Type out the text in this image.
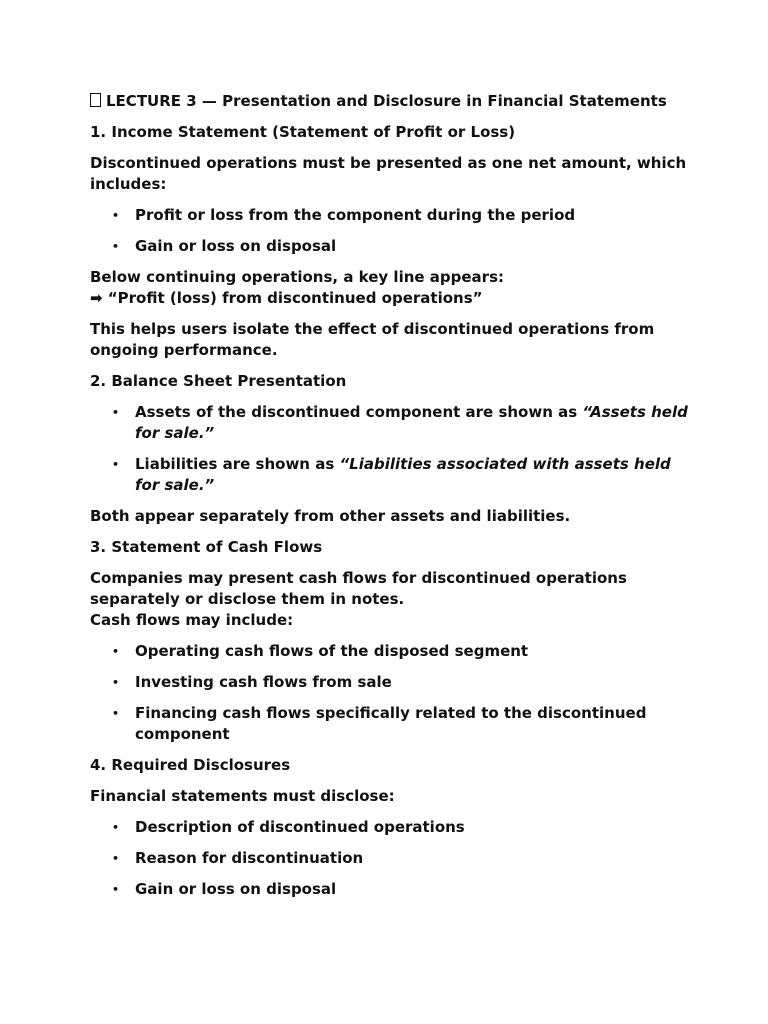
LECTURE 3 — Presentation and Disclosure in Financial Statements

1. Income Statement (Statement of Profit or Loss)

Discontinued operations must be presented as one net amount, which includes:

• Profit or loss from the component during the period
• Gain or loss on disposal

Below continuing operations, a key line appears:
➡ “Profit (loss) from discontinued operations”

This helps users isolate the effect of discontinued operations from ongoing performance.

2. Balance Sheet Presentation

• Assets of the discontinued component are shown as “Assets held for sale.”
• Liabilities are shown as “Liabilities associated with assets held for sale.”

Both appear separately from other assets and liabilities.

3. Statement of Cash Flows

Companies may present cash flows for discontinued operations separately or disclose them in notes.
Cash flows may include:

• Operating cash flows of the disposed segment
• Investing cash flows from sale
• Financing cash flows specifically related to the discontinued component

4. Required Disclosures

Financial statements must disclose:

• Description of discontinued operations
• Reason for discontinuation
• Gain or loss on disposal
